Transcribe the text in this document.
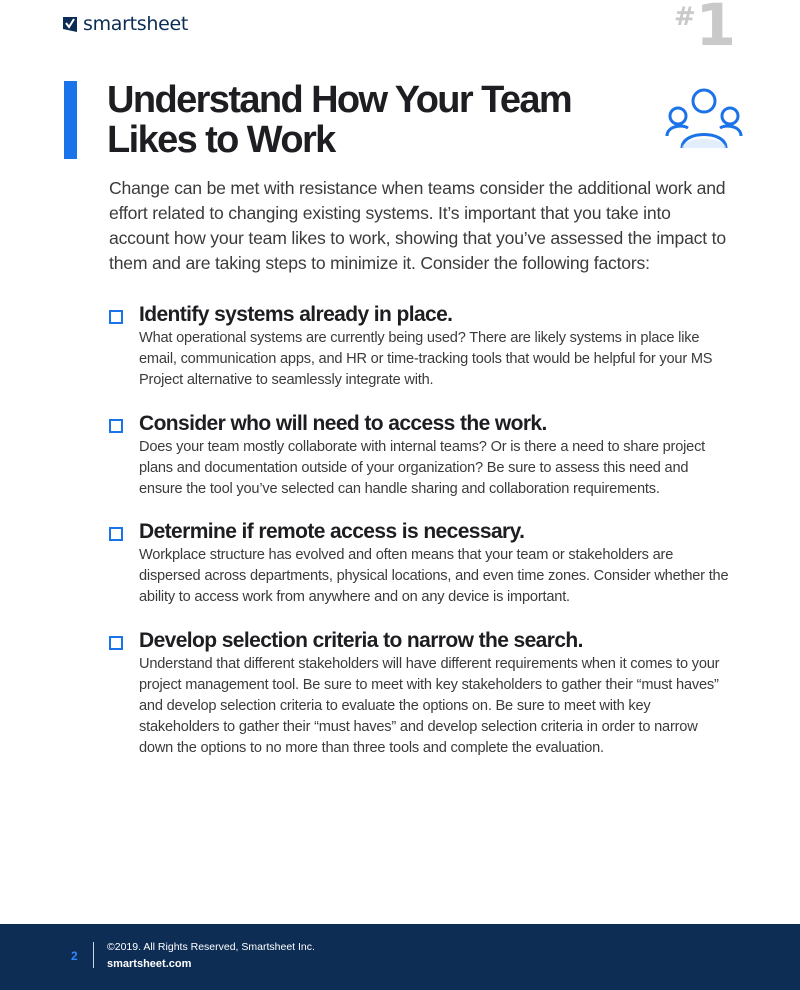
smartsheet	#1
Understand How Your Team
Likes to Work

Change can be met with resistance when teams consider the additional work and effort related to changing existing systems. It’s important that you take into account how your team likes to work, showing that you’ve assessed the impact to them and are taking steps to minimize it. Consider the following factors:

Identify systems already in place.

What operational systems are currently being used? There are likely systems in place like email, communication apps, and HR or time-tracking tools that would be helpful for your MS Project alternative to seamlessly integrate with.

Consider who will need to access the work.

Does your team mostly collaborate with internal teams? Or is there a need to share project plans and documentation outside of your organization? Be sure to assess this need and ensure the tool you’ve selected can handle sharing and collaboration requirements.

Determine if remote access is necessary.

Workplace structure has evolved and often means that your team or stakeholders are dispersed across departments, physical locations, and even time zones. Consider whether the ability to access work from anywhere and on any device is important.

Develop selection criteria to narrow the search.

Understand that different stakeholders will have different requirements when it comes to your project management tool. Be sure to meet with key stakeholders to gather their “must haves” and develop selection criteria to evaluate the options on. Be sure to meet with key stakeholders to gather their “must haves” and develop selection criteria in order to narrow down the options to no more than three tools and complete the evaluation.

2
©2019. All Rights Reserved, Smartsheet Inc.
smartsheet.com
